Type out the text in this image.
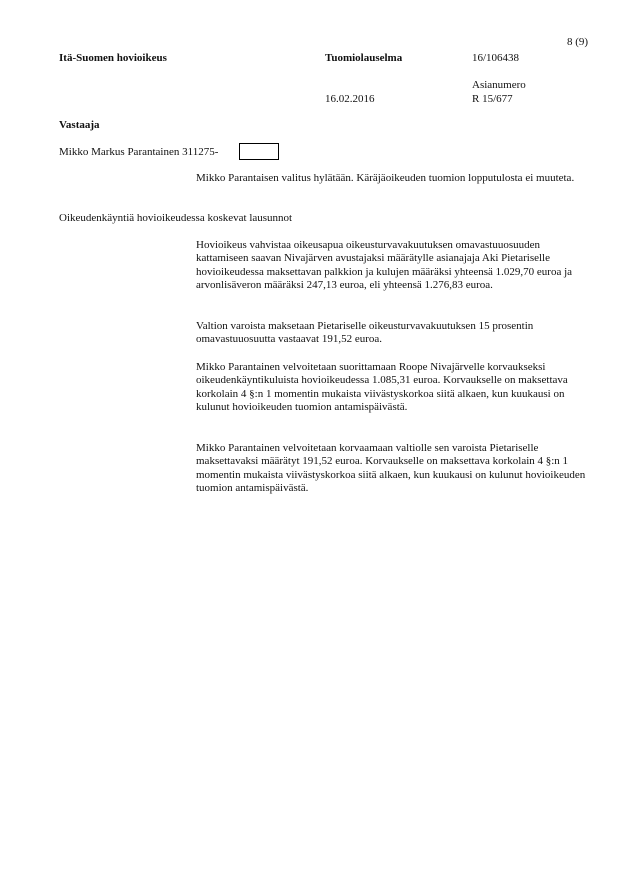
8 (9)
Itä-Suomen hovioikeus	Tuomiolauselma	16/106438
Asianumero
16.02.2016	R 15/677
Vastaaja
Mikko Markus Parantainen 311275-
Mikko Parantaisen valitus hylätään. Käräjäoikeuden tuomion lopputulosta ei muuteta.
Oikeudenkäyntiä hovioikeudessa koskevat lausunnot
Hovioikeus vahvistaa oikeusapua oikeusturvavakuutuksen omavastuuosuuden kattamiseen saavan Nivajärven avustajaksi määrätylle asianajaja Aki Pietariselle hovioikeudessa maksettavan palkkion ja kulujen määräksi yhteensä 1.029,70 euroa ja arvonlisäveron määräksi 247,13 euroa, eli yhteensä 1.276,83 euroa.
Valtion varoista maksetaan Pietariselle oikeusturvavakuutuksen 15 prosentin omavastuuosuutta vastaavat 191,52 euroa.
Mikko Parantainen velvoitetaan suorittamaan Roope Nivajärvelle korvaukseksi oikeudenkäyntikuluista hovioikeudessa 1.085,31 euroa. Korvaukselle on maksettava korkolain 4 §:n 1 momentin mukaista viivästyskorkoa siitä alkaen, kun kuukausi on kulunut hovioikeuden tuomion antamispäivästä.
Mikko Parantainen velvoitetaan korvaamaan valtiolle sen varoista Pietariselle maksettavaksi määrätyt 191,52 euroa. Korvaukselle on maksettava korkolain 4 §:n 1 momentin mukaista viivästyskorkoa siitä alkaen, kun kuukausi on kulunut hovioikeuden tuomion antamispäivästä.
